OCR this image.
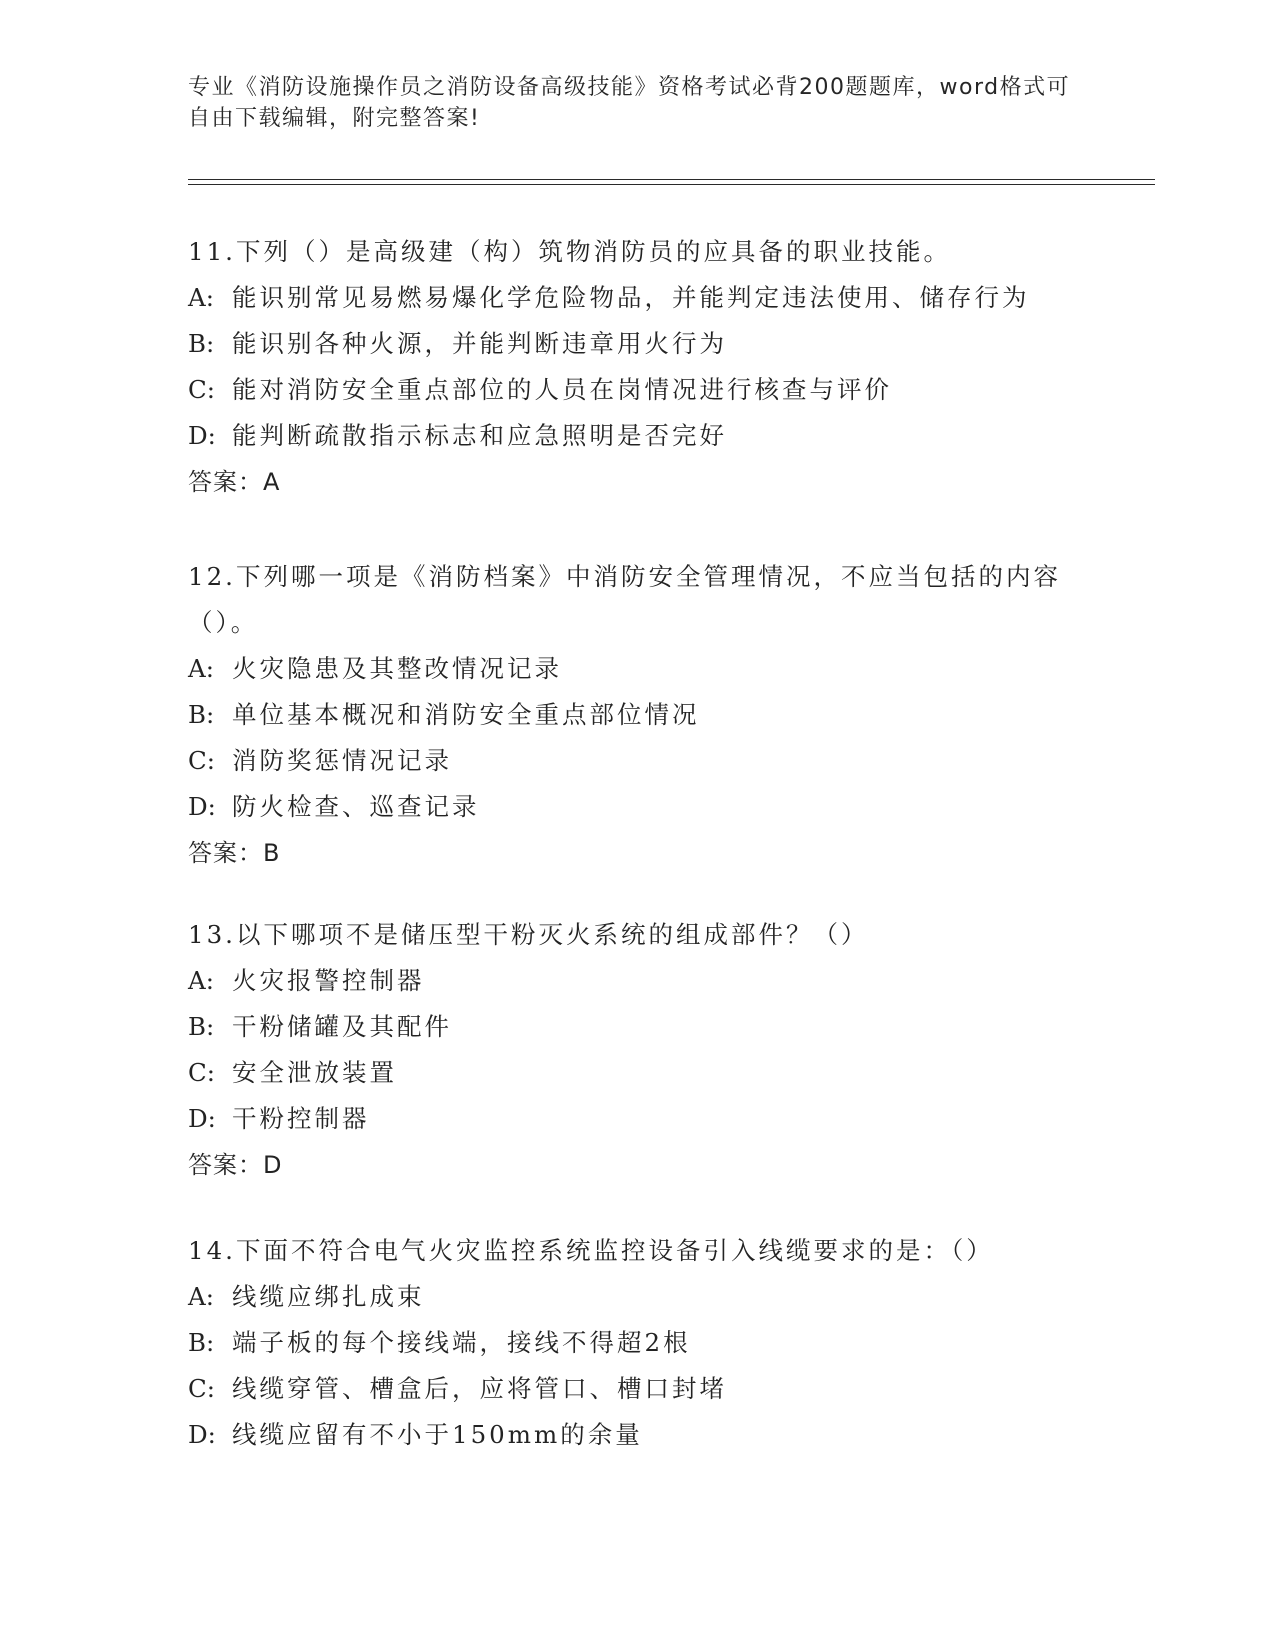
专业《消防设施操作员之消防设备高级技能》资格考试必背200题题库，word格式可自由下载编辑，附完整答案!
11.下列（）是高级建（构）筑物消防员的应具备的职业技能。
A: 能识别常见易燃易爆化学危险物品，并能判定违法使用、储存行为
B: 能识别各种火源，并能判断违章用火行为
C: 能对消防安全重点部位的人员在岗情况进行核查与评价
D: 能判断疏散指示标志和应急照明是否完好
答案：A
12.下列哪一项是《消防档案》中消防安全管理情况，不应当包括的内容（）。
A: 火灾隐患及其整改情况记录
B: 单位基本概况和消防安全重点部位情况
C: 消防奖惩情况记录
D: 防火检查、巡查记录
答案：B
13.以下哪项不是储压型干粉灭火系统的组成部件？（）
A: 火灾报警控制器
B: 干粉储罐及其配件
C: 安全泄放装置
D: 干粉控制器
答案：D
14.下面不符合电气火灾监控系统监控设备引入线缆要求的是：（）
A: 线缆应绑扎成束
B: 端子板的每个接线端，接线不得超2根
C: 线缆穿管、槽盒后，应将管口、槽口封堵
D: 线缆应留有不小于150mm的余量
